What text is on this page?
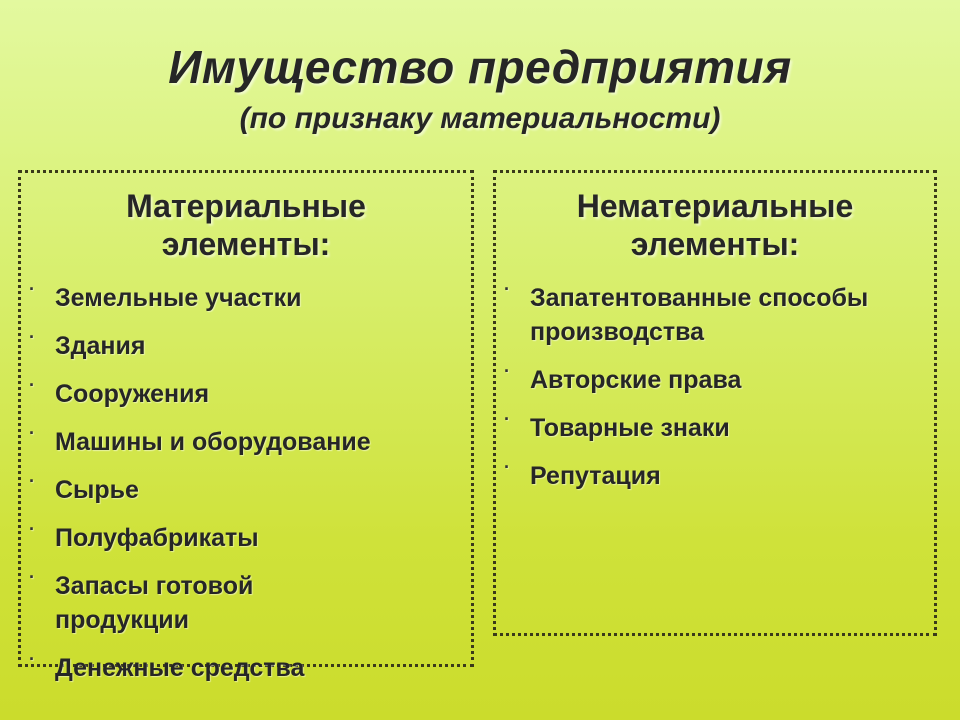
Имущество предприятия
(по признаку материальности)
Материальные
элементы:
· Земельные участки
· Здания
· Сооружения
· Машины и оборудование
· Сырье
· Полуфабрикаты
· Запасы готовой продукции
· Денежные средства
Нематериальные
элементы:
· Запатентованные способы производства
· Авторские права
· Товарные знаки
· Репутация
